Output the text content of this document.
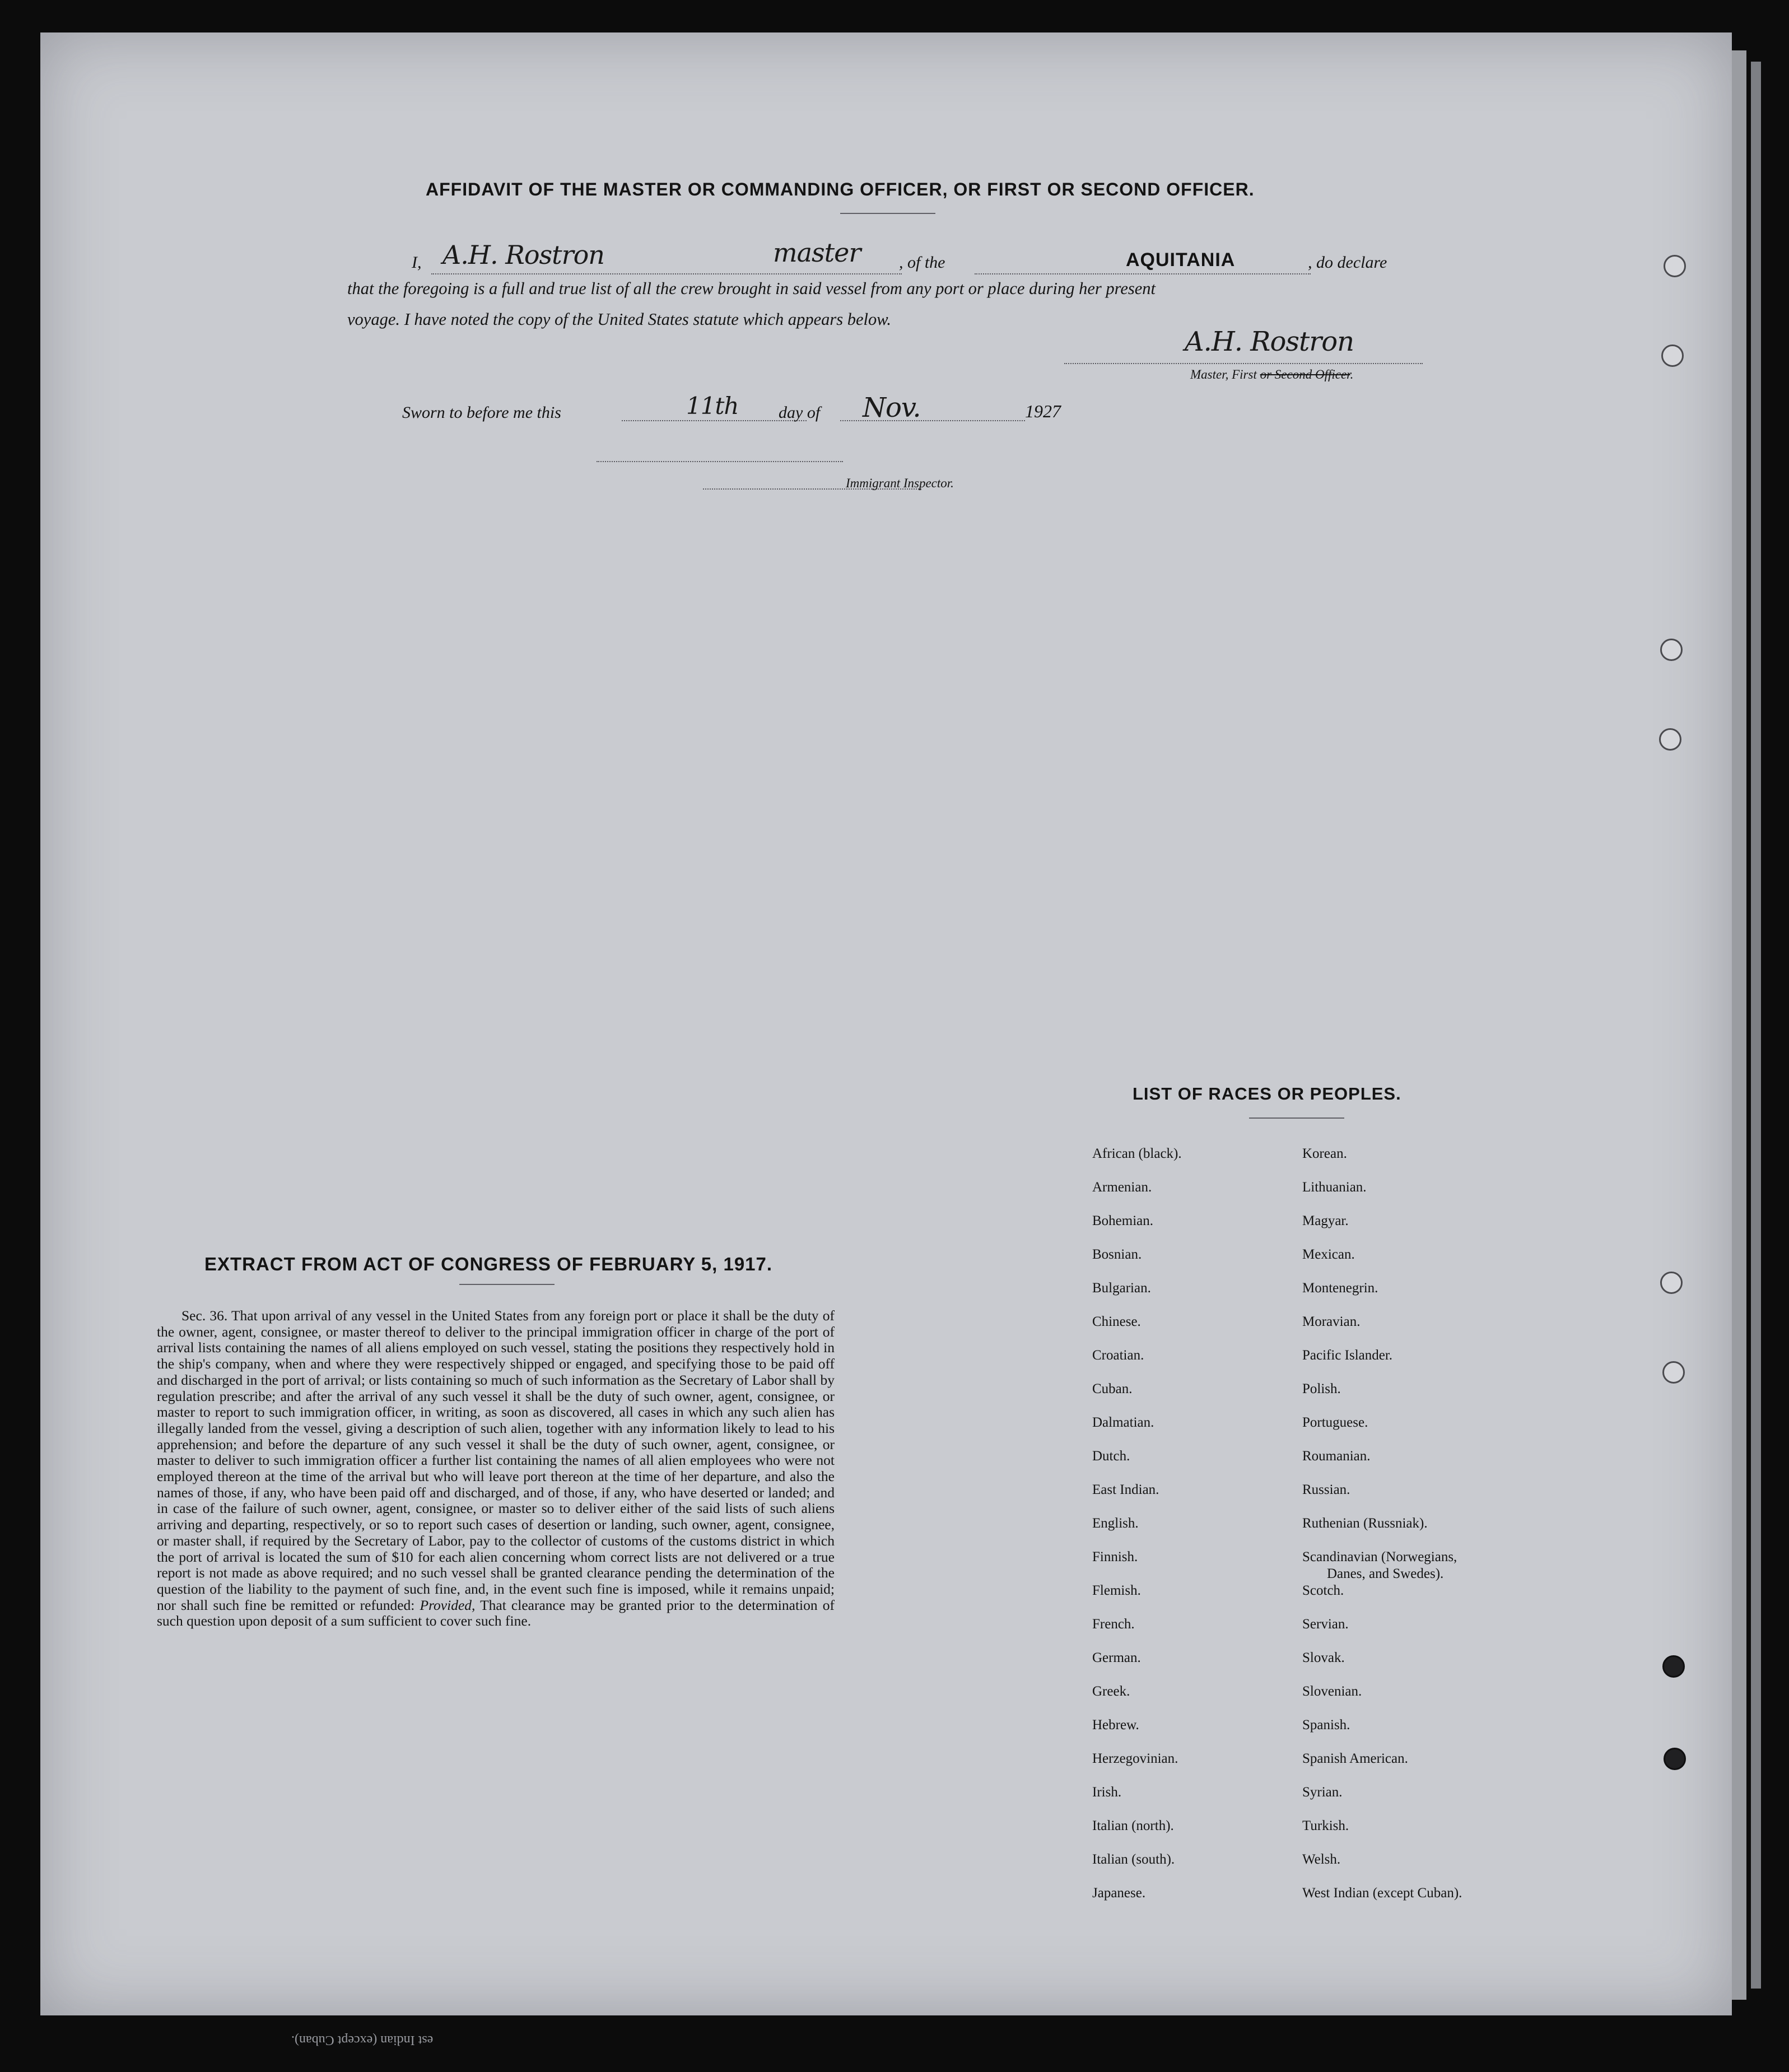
AFFIDAVIT OF THE MASTER OR COMMANDING OFFICER, OR FIRST OR SECOND OFFICER.
I, A.H. Rostron	master , of the	AQUITANIA	, do declare
that the foregoing is a full and true list of all the crew brought in said vessel from any port or place during her present
voyage. I have noted the copy of the United States statute which appears below.
A.H. Rostron
Master, First or Second Officer.
Sworn to before me this	11th day of Nov.	1927
Immigrant Inspector.
EXTRACT FROM ACT OF CONGRESS OF FEBRUARY 5, 1917.
Sec. 36. That upon arrival of any vessel in the United States from any foreign port or place it shall be the duty of the owner, agent, consignee, or master thereof to deliver to the principal immigration officer in charge of the port of arrival lists containing the names of all aliens employed on such vessel, stating the positions they respectively hold in the ship's company, when and where they were respectively shipped or engaged, and specifying those to be paid off and discharged in the port of arrival; or lists containing so much of such information as the Secretary of Labor shall by regulation prescribe; and after the arrival of any such vessel it shall be the duty of such owner, agent, consignee, or master to report to such immigration officer, in writing, as soon as discovered, all cases in which any such alien has illegally landed from the vessel, giving a description of such alien, together with any information likely to lead to his apprehension; and before the departure of any such vessel it shall be the duty of such owner, agent, consignee, or master to deliver to such immigration officer a further list containing the names of all alien employees who were not employed thereon at the time of the arrival but who will leave port thereon at the time of her departure, and also the names of those, if any, who have been paid off and discharged, and of those, if any, who have deserted or landed; and in case of the failure of such owner, agent, consignee, or master so to deliver either of the said lists of such aliens arriving and departing, respectively, or so to report such cases of desertion or landing, such owner, agent, consignee, or master shall, if required by the Secretary of Labor, pay to the collector of customs of the customs district in which the port of arrival is located the sum of $10 for each alien concerning whom correct lists are not delivered or a true report is not made as above required; and no such vessel shall be granted clearance pending the determination of the question of the liability to the payment of such fine, and, in the event such fine is imposed, while it remains unpaid; nor shall such fine be remitted or refunded: Provided, That clearance may be granted prior to the determination of such question upon deposit of a sum sufficient to cover such fine.
LIST OF RACES OR PEOPLES.
African (black).
Armenian.
Bohemian.
Bosnian.
Bulgarian.
Chinese.
Croatian.
Cuban.
Dalmatian.
Dutch.
East Indian.
English.
Finnish.
Flemish.
French.
German.
Greek.
Hebrew.
Herzegovinian.
Irish.
Italian (north).
Italian (south).
Japanese.
Korean.
Lithuanian.
Magyar.
Mexican.
Montenegrin.
Moravian.
Pacific Islander.
Polish.
Portuguese.
Roumanian.
Russian.
Ruthenian (Russniak).
Scandinavian (Norwegians,
Danes, and Swedes).
Scotch.
Servian.
Slovak.
Slovenian.
Spanish.
Spanish American.
Syrian.
Turkish.
Welsh.
West Indian (except Cuban).
est Indian (except Cuban).
